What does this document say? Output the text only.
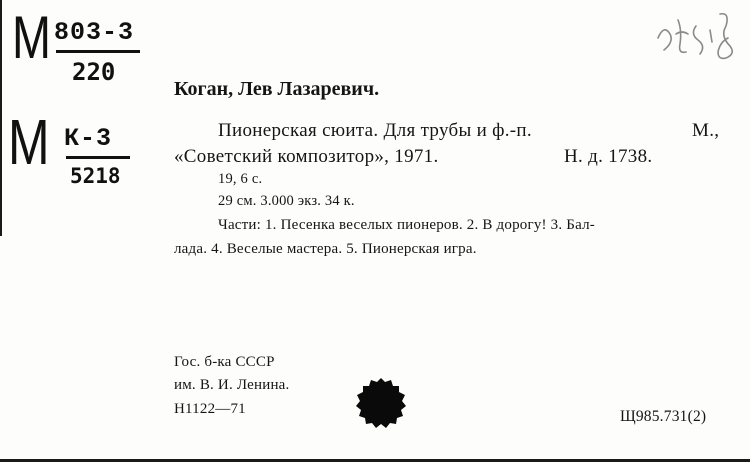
М 803-3
220
М К-3
5218
Коган, Лев Лазаревич.
Пионерская сюита. Для трубы и ф.-п.	М.,
«Советский композитор», 1971.	Н. д. 1738.
19, 6 с.
29 см. 3.000 экз. 34 к.
Части: 1. Песенка веселых пионеров. 2. В дорогу! 3. Бал-
лада. 4. Веселые мастера. 5. Пионерская игра.
Гос. б-ка СССР
им. В. И. Ленина.
Н1122—71	Щ985.731(2)
